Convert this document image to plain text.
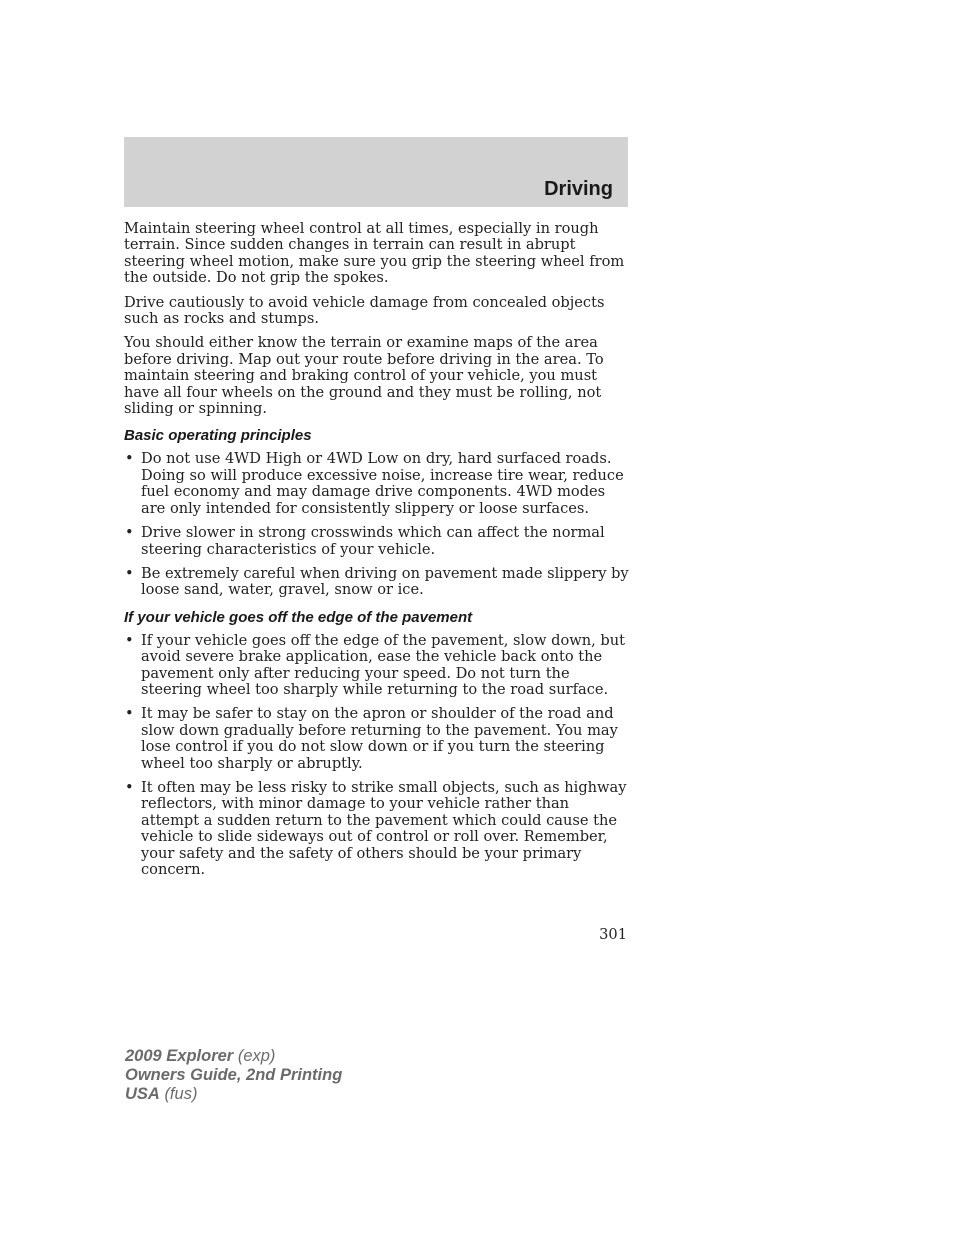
Driving

Maintain steering wheel control at all times, especially in rough terrain. Since sudden changes in terrain can result in abrupt steering wheel motion, make sure you grip the steering wheel from the outside. Do not grip the spokes.

Drive cautiously to avoid vehicle damage from concealed objects such as rocks and stumps.

You should either know the terrain or examine maps of the area before driving. Map out your route before driving in the area. To maintain steering and braking control of your vehicle, you must have all four wheels on the ground and they must be rolling, not sliding or spinning.

Basic operating principles
• Do not use 4WD High or 4WD Low on dry, hard surfaced roads. Doing so will produce excessive noise, increase tire wear, reduce fuel economy and may damage drive components. 4WD modes are only intended for consistently slippery or loose surfaces.
• Drive slower in strong crosswinds which can affect the normal steering characteristics of your vehicle.
• Be extremely careful when driving on pavement made slippery by loose sand, water, gravel, snow or ice.
If your vehicle goes off the edge of the pavement
• If your vehicle goes off the edge of the pavement, slow down, but avoid severe brake application, ease the vehicle back onto the pavement only after reducing your speed. Do not turn the steering wheel too sharply while returning to the road surface.
• It may be safer to stay on the apron or shoulder of the road and slow down gradually before returning to the pavement. You may lose control if you do not slow down or if you turn the steering wheel too sharply or abruptly.
• It often may be less risky to strike small objects, such as highway reflectors, with minor damage to your vehicle rather than attempt a sudden return to the pavement which could cause the vehicle to slide sideways out of control or roll over. Remember, your safety and the safety of others should be your primary concern.

301

2009 Explorer (exp)
Owners Guide, 2nd Printing
USA (fus)
